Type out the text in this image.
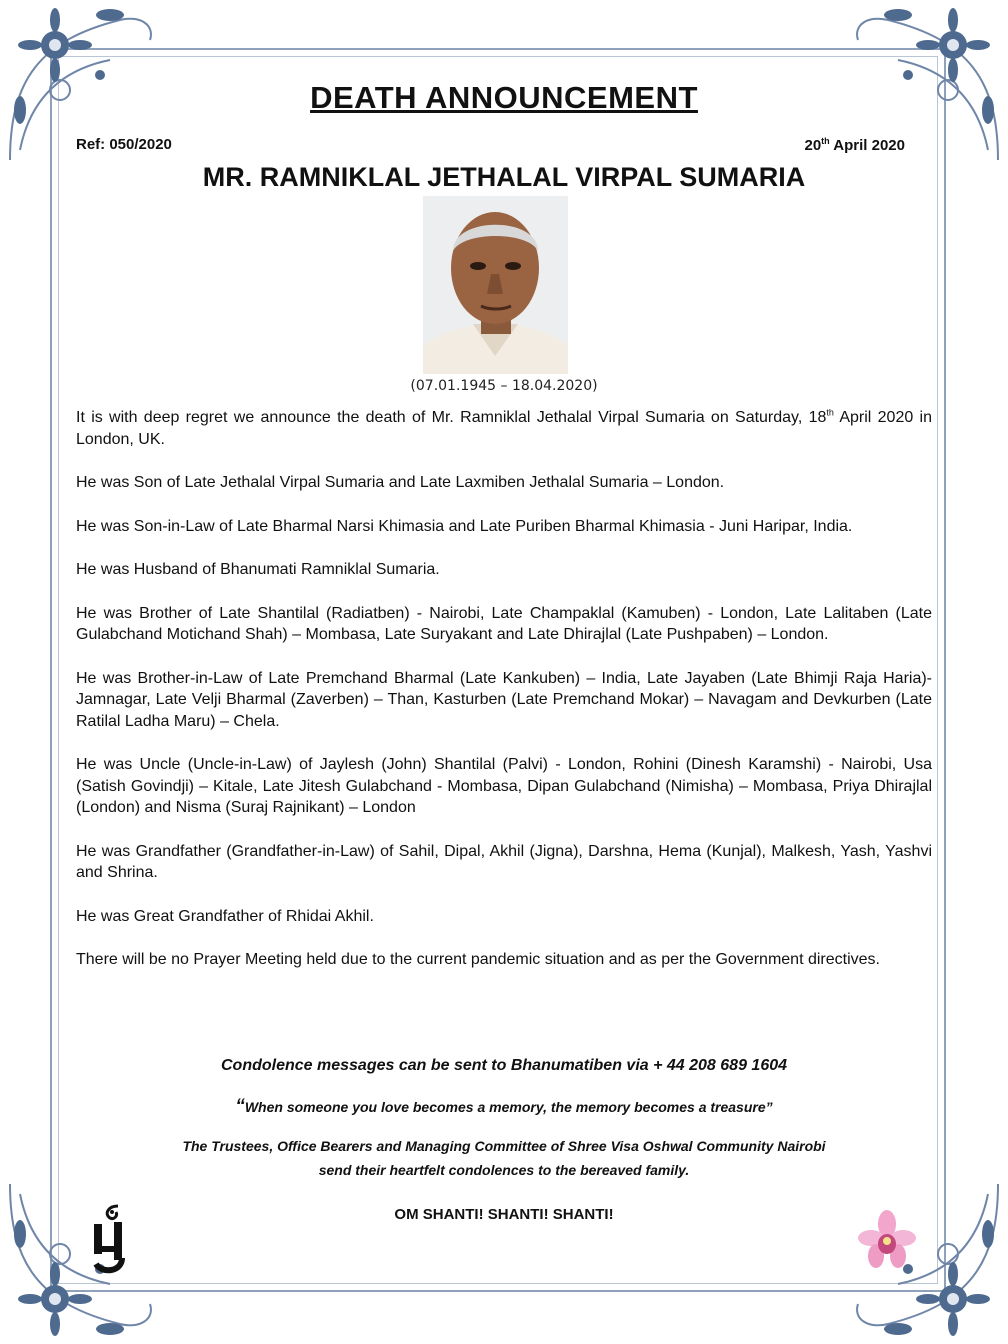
DEATH ANNOUNCEMENT
Ref: 050/2020	20th April 2020
MR. RAMNIKLAL JETHALAL VIRPAL SUMARIA
(07.01.1945 – 18.04.2020)

It is with deep regret we announce the death of Mr. Ramniklal Jethalal Virpal Sumaria on Saturday, 18th April 2020 in London, UK.

He was Son of Late Jethalal Virpal Sumaria and Late Laxmiben Jethalal Sumaria – London.

He was Son-in-Law of Late Bharmal Narsi Khimasia and Late Puriben Bharmal Khimasia - Juni Haripar, India.

He was Husband of Bhanumati Ramniklal Sumaria.

He was Brother of Late Shantilal (Radiatben) - Nairobi, Late Champaklal (Kamuben) - London, Late Lalitaben (Late Gulabchand Motichand Shah) – Mombasa, Late Suryakant and Late Dhirajlal (Late Pushpaben) – London.

He was Brother-in-Law of Late Premchand Bharmal (Late Kankuben) – India, Late Jayaben (Late Bhimji Raja Haria)- Jamnagar, Late Velji Bharmal (Zaverben) – Than, Kasturben (Late Premchand Mokar) – Navagam and Devkurben (Late Ratilal Ladha Maru) – Chela.

He was Uncle (Uncle-in-Law) of Jaylesh (John) Shantilal (Palvi) - London, Rohini (Dinesh Karamshi) - Nairobi, Usa (Satish Govindji) – Kitale, Late Jitesh Gulabchand - Mombasa, Dipan Gulabchand (Nimisha) – Mombasa, Priya Dhirajlal (London) and Nisma (Suraj Rajnikant) – London

He was Grandfather (Grandfather-in-Law) of Sahil, Dipal, Akhil (Jigna), Darshna, Hema (Kunjal), Malkesh, Yash, Yashvi and Shrina.

He was Great Grandfather of Rhidai Akhil.

There will be no Prayer Meeting held due to the current pandemic situation and as per the Government directives.

Condolence messages can be sent to Bhanumatiben via + 44 208 689 1604
“When someone you love becomes a memory, the memory becomes a treasure”
The Trustees, Office Bearers and Managing Committee of Shree Visa Oshwal Community Nairobi
send their heartfelt condolences to the bereaved family.
OM SHANTI! SHANTI! SHANTI!
